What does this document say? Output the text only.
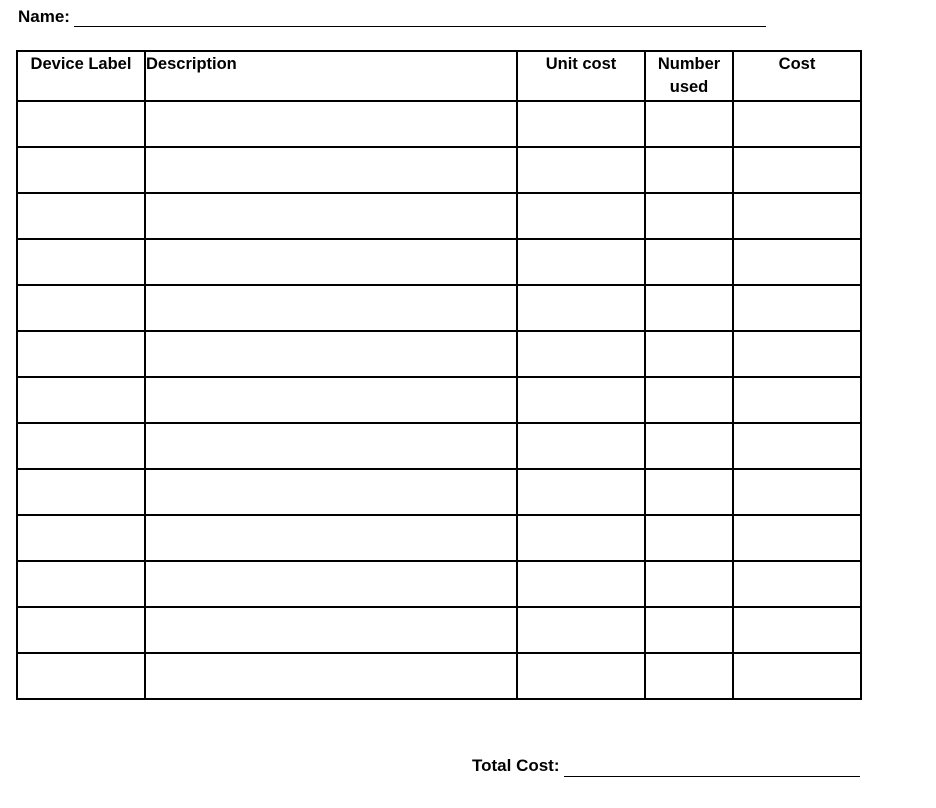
Name:
Device Label	Description	Unit cost	Number used	Cost

Total Cost:
